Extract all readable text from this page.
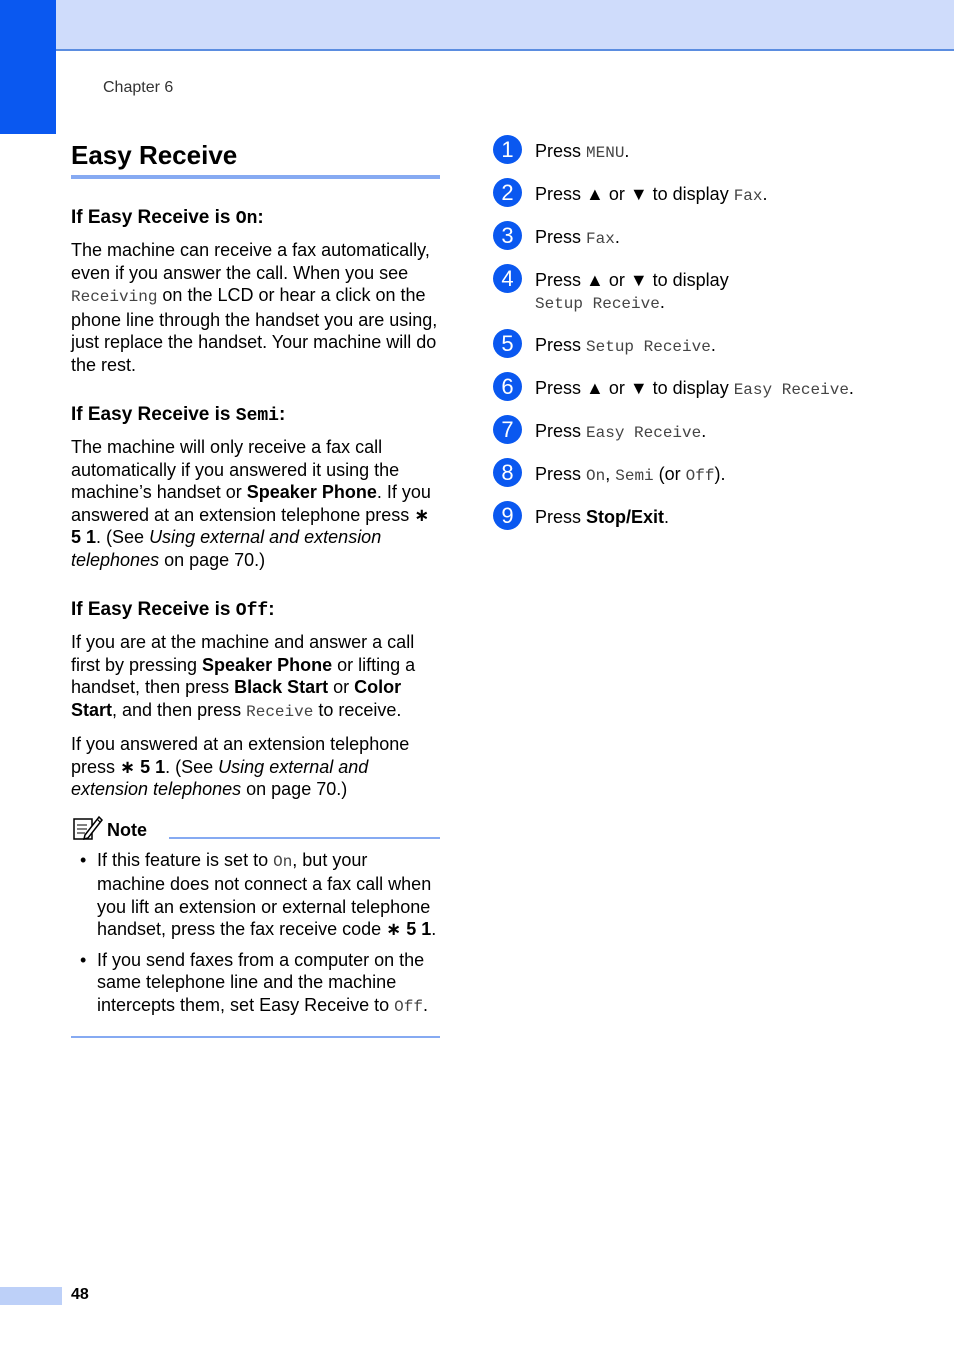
Chapter 6
Easy Receive
If Easy Receive is On:

The machine can receive a fax automatically, even if you answer the call. When you see Receiving on the LCD or hear a click on the phone line through the handset you are using, just replace the handset. Your machine will do the rest.

If Easy Receive is Semi:

The machine will only receive a fax call automatically if you answered it using the machine’s handset or Speaker Phone. If you answered at an extension telephone press ∗ 5 1. (See Using external and extension telephones on page 70.)

If Easy Receive is Off:

If you are at the machine and answer a call first by pressing Speaker Phone or lifting a handset, then press Black Start or Color Start, and then press Receive to receive.

If you answered at an extension telephone press ∗ 5 1. (See Using external and extension telephones on page 70.)

Note
• If this feature is set to On, but your machine does not connect a fax call when you lift an extension or external telephone handset, press the fax receive code ∗ 5 1.
• If you send faxes from a computer on the same telephone line and the machine intercepts them, set Easy Receive to Off.
1	Press MENU.
2	Press ▲ or ▼ to display Fax.
3	Press Fax.
4	Press ▲ or ▼ to display
Setup Receive.
5	Press Setup Receive.
6	Press ▲ or ▼ to display Easy Receive.
7	Press Easy Receive.
8	Press On, Semi (or Off).
9	Press Stop/Exit.
48
